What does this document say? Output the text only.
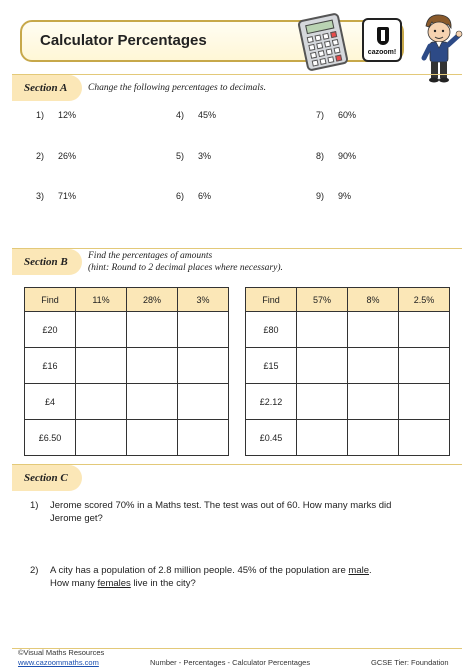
Calculator Percentages
cazoom!
Section A	Change the following percentages to decimals.
1) 12%	4) 45%	7) 60%
2) 26%	5) 3%	8) 90%
3) 71%	6) 6%	9) 9%
Section B	Find the percentages of amounts
(hint: Round to 2 decimal places where necessary).
Find	11%	28%	3%
£20			
£16			
£4			
£6.50			
Find	57%	8%	2.5%
£80			
£15			
£2.12			
£0.45			
Section C
1) Jerome scored 70% in a Maths test. The test was out of 60. How many marks did
Jerome get?
2) A city has a population of 2.8 million people. 45% of the population are male.
How many females live in the city?
©Visual Maths Resources
www.cazoommaths.com	Number - Percentages - Calculator Percentages	GCSE Tier: Foundation
